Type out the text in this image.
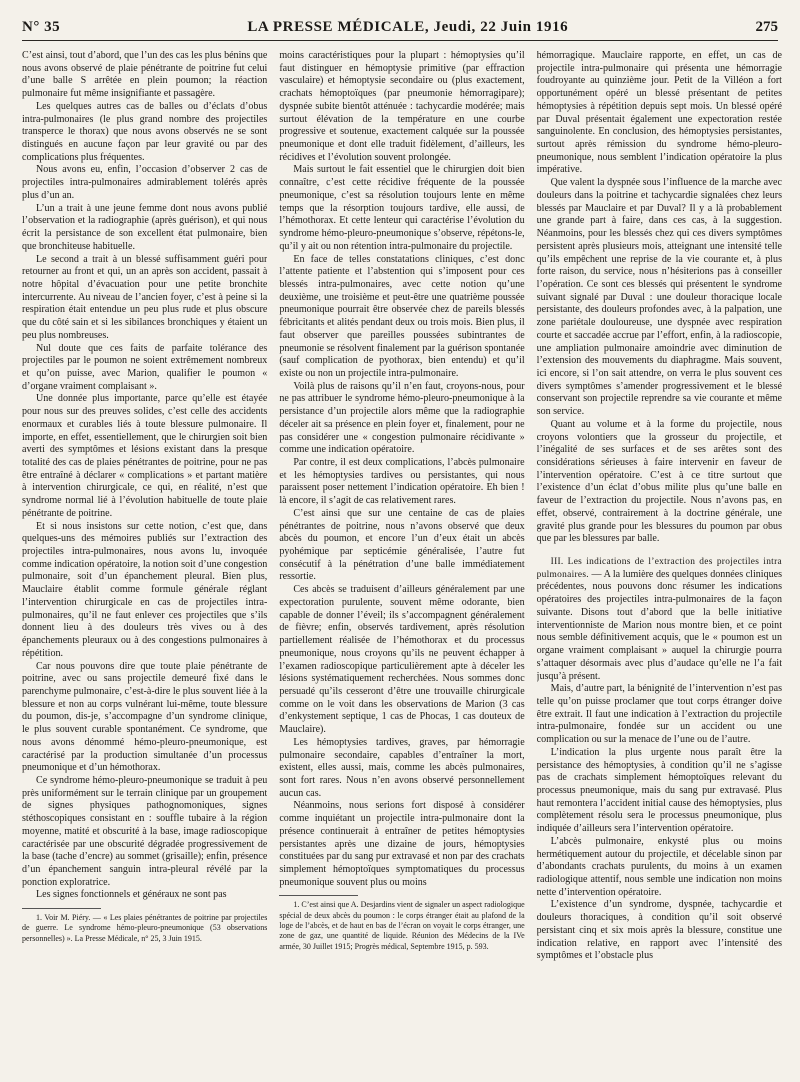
N° 35	LA PRESSE MÉDICALE, Jeudi, 22 Juin 1916	275

C’est ainsi, tout d’abord, que l’un des cas les plus bénins que nous avons observé de plaie pénétrante de poitrine fut celui d’une balle S arrêtée en plein poumon; la réaction pulmonaire fut même insignifiante et passagère.

Les quelques autres cas de balles ou d’éclats d’obus intra-pulmonaires (le plus grand nombre des projectiles transperce le thorax) que nous avons observés ne se sont distingués en aucune façon par leur gravité ou par des complications plus fréquentes.

Nous avons eu, enfin, l’occasion d’observer 2 cas de projectiles intra-pulmonaires admirablement tolérés après plus d’un an.

L’un a trait à une jeune femme dont nous avons publié l’observation et la radiographie (après guérison), et qui nous écrit la persistance de son excellent état pulmonaire, bien que bronchiteuse habituelle.

Le second a trait à un blessé suffisamment guéri pour retourner au front et qui, un an après son accident, passait à notre hôpital d’évacuation pour une petite bronchite intercurrente. Au niveau de l’ancien foyer, c’est à peine si la respiration était entendue un peu plus rude et plus obscure que du côté sain et si les sibilances bronchiques y étaient un peu plus nombreuses.

Nul doute que ces faits de parfaite tolérance des projectiles par le poumon ne soient extrêmement nombreux et qu’on puisse, avec Marion, qualifier le poumon « d’organe vraiment complaisant ».

Une donnée plus importante, parce qu’elle est étayée pour nous sur des preuves solides, c’est celle des accidents enormaux et curables liés à toute blessure pulmonaire. Il importe, en effet, essentiellement, que le chirurgien soit bien averti des symptômes et lésions existant dans la presque totalité des cas de plaies pénétrantes de poitrine, pour ne pas être entraîné à déclarer « complications » et partant matière à intervention chirurgicale, ce qui, en réalité, n’est que syndrome normal lié à l’évolution habituelle de toute plaie pénétrante de poitrine.

Et si nous insistons sur cette notion, c’est que, dans quelques-uns des mémoires publiés sur l’extraction des projectiles intra-pulmonaires, nous avons lu, invoquée comme indication opératoire, la notion soit d’une congestion pulmonaire, soit d’un épanchement pleural. Bien plus, Mauclaire établit comme formule générale réglant l’intervention chirurgicale en cas de projectiles intra-pulmonaires, qu’il ne faut enlever ces projectiles que s’ils donnent lieu à des douleurs très vives ou à des épanchements pleuraux ou à des congestions pulmonaires à répétition.

Car nous pouvons dire que toute plaie pénétrante de poitrine, avec ou sans projectile demeuré fixé dans le parenchyme pulmonaire, c’est-à-dire le plus souvent liée à la blessure et non au corps vulnérant lui-même, toute blessure du poumon, dis-je, s’accompagne d’un syndrome clinique, le plus souvent curable spontanément. Ce syndrome, que nous avons dénommé hémo-pleuro-pneumonique, est caractérisé par la production simultanée d’un processus pneumonique et d’un hémothorax.

Ce syndrome hémo-pleuro-pneumonique se traduit à peu près uniformément sur le terrain clinique par un groupement de signes physiques pathognomoniques, signes stéthoscopiques consistant en : souffle tubaire à la région moyenne, matité et obscurité à la base, image radioscopique caractérisée par une obscurité dégradée progressivement de la base (tache d’encre) au sommet (grisaille); enfin, présence d’un épanchement sanguin intra-pleural révélé par la ponction exploratrice.

Les signes fonctionnels et généraux ne sont pas

1. Voir M. Piéry. — « Les plaies pénétrantes de poitrine par projectiles de guerre. Le syndrome hémo-pleuro-pneumonique (53 observations personnelles) ». La Presse Médicale, n° 25, 3 Juin 1915.

moins caractéristiques pour la plupart : hémoptysies qu’il faut distinguer en hémoptysie primitive (par effraction vasculaire) et hémoptysie secondaire ou (plus exactement, crachats hémoptoïques (par pneumonie hémorragipare); dyspnée subite bientôt atténuée : tachycardie modérée; mais surtout élévation de la température en une courbe progressive et soutenue, exactement calquée sur la poussée pneumonique et dont elle traduit fidèlement, d’ailleurs, les récidives et l’évolution souvent prolongée.

Mais surtout le fait essentiel que le chirurgien doit bien connaître, c’est cette récidive fréquente de la poussée pneumonique, c’est sa résolution toujours lente en même temps que la résorption toujours tardive, elle aussi, de l’hémothorax. Et cette lenteur qui caractérise l’évolution du syndrome hémo-pleuro-pneumonique s’observe, répétons-le, qu’il y ait ou non rétention intra-pulmonaire du projectile.

En face de telles constatations cliniques, c’est donc l’attente patiente et l’abstention qui s’imposent pour ces blessés intra-pulmonaires, avec cette notion qu’une deuxième, une troisième et peut-être une quatrième poussée pneumonique pourrait être observée chez de pareils blessés fébricitants et alités pendant deux ou trois mois. Bien plus, il faut observer que pareilles poussées subintrantes de pneumonie se résolvent finalement par la guérison spontanée (sauf complication de pyothorax, bien entendu) et qu’il existe ou non un projectile intra-pulmonaire.

Voilà plus de raisons qu’il n’en faut, croyons-nous, pour ne pas attribuer le syndrome hémo-pleuro-pneumonique à la persistance d’un projectile alors même que la radiographie déceler ait sa présence en plein foyer et, finalement, pour ne pas considérer une « congestion pulmonaire récidivante » comme une indication opératoire.

Par contre, il est deux complications, l’abcès pulmonaire et les hémoptysies tardives ou persistantes, qui nous paraissent poser nettement l’indication opératoire. Eh bien ! là encore, il s’agit de cas relativement rares.

C’est ainsi que sur une centaine de cas de plaies pénétrantes de poitrine, nous n’avons observé que deux abcès du poumon, et encore l’un d’eux était un abcès pyohémique par septicémie généralisée, l’autre fut consécutif à la pénétration d’une balle immédiatement ressortie.

Ces abcès se traduisent d’ailleurs généralement par une expectoration purulente, souvent même odorante, bien capable de donner l’éveil; ils s’accompagnent généralement de fièvre; enfin, observés tardivement, après résolution partiellement réalisée de l’hémothorax et du processus pneumonique, nous croyons qu’ils ne peuvent échapper à l’examen radioscopique particulièrement apte à déceler les lésions systématiquement recherchées. Nous sommes donc persuadé qu’ils cesseront d’être une trouvaille chirurgicale comme on le voit dans les observations de Marion (3 cas d’enkystement septique, 1 cas de Phocas, 1 cas douteux de Mauclaire).

Les hémoptysies tardives, graves, par hémorragie pulmonaire secondaire, capables d’entraîner la mort, existent, elles aussi, mais, comme les abcès pulmonaires, sont fort rares. Nous n’en avons observé personnellement aucun cas.

Néanmoins, nous serions fort disposé à considérer comme inquiétant un projectile intra-pulmonaire dont la présence continuerait à entraîner de petites hémoptysies persistantes après une dizaine de jours, hémoptysies constituées par du sang pur extravasé et non par des crachats simplement hémoptoïques symptomatiques du processus pneumonique souvent plus ou moins

1. C’est ainsi que A. Desjardins vient de signaler un aspect radiologique spécial de deux abcès du poumon : le corps étranger était au plafond de la loge de l’abcès, et de haut en bas de l’écran on voyait le corps étranger, une zone de gaz, une quantité de liquide. Réunion des Médecins de la IVe armée, 30 Juillet 1915; Progrès médical, Septembre 1915, p. 593.

hémorragique. Mauclaire rapporte, en effet, un cas de projectile intra-pulmonaire qui présenta une hémorragie foudroyante au quinzième jour. Petit de la Villéon a fort opportunément opéré un blessé présentant de petites hémoptysies à répétition depuis sept mois. Un blessé opéré par Duval présentait également une expectoration restée sanguinolente. En conclusion, des hémoptysies persistantes, surtout après rémission du syndrome hémo-pleuro-pneumonique, nous semblent l’indication opératoire la plus impérative.

Que valent la dyspnée sous l’influence de la marche avec douleurs dans la poitrine et tachycardie signalées chez leurs blessés par Mauclaire et par Duval? Il y a là probablement une grande part à faire, dans ces cas, à la suggestion. Néanmoins, pour les blessés chez qui ces divers symptômes persistent après plusieurs mois, atteignant une intensité telle qu’ils empêchent une reprise de la vie courante et, à plus forte raison, du service, nous n’hésiterions pas à conseiller l’opération. Ce sont ces blessés qui présentent le syndrome suivant signalé par Duval : une douleur thoracique locale persistante, des douleurs profondes avec, à la palpation, une zone pariétale douloureuse, une dyspnée avec respiration courte et saccadée accrue par l’effort, enfin, à la radioscopie, une ampliation pulmonaire amoindrie avec diminution de l’extension des mouvements du diaphragme. Mais souvent, ici encore, si l’on sait attendre, on verra le plus souvent ces divers symptômes s’amender progressivement et le blessé conservant son projectile reprendre sa vie courante et même son service.

Quant au volume et à la forme du projectile, nous croyons volontiers que la grosseur du projectile, et l’inégalité de ses surfaces et de ses arêtes sont des considérations sérieuses à faire intervenir en faveur de l’intervention opératoire. C’est à ce titre surtout que l’existence d’un éclat d’obus milite plus qu’une balle en faveur de l’extraction du projectile. Nous n’avons pas, en effet, observé, contrairement à la doctrine générale, une gravité plus grande pour les blessures du poumon par obus que par les blessures par balle.

III. Les indications de l’extraction des projectiles intra pulmonaires. — A la lumière des quelques données cliniques précédentes, nous pouvons donc résumer les indications opératoires des projectiles intra-pulmonaires de la façon suivante. Disons tout d’abord que la belle initiative interventionniste de Marion nous montre bien, et ce point nous semble définitivement acquis, que le « poumon est un organe vraiment complaisant » auquel la chirurgie pourra s’attaquer désormais avec plus d’audace qu’elle ne l’a fait jusqu’à présent.

Mais, d’autre part, la bénignité de l’intervention n’est pas telle qu’on puisse proclamer que tout corps étranger doive être extrait. Il faut une indication à l’extraction du projectile intra-pulmonaire, fondée sur un accident ou une complication ou sur la menace de l’une ou de l’autre.

L’indication la plus urgente nous paraît être la persistance des hémoptysies, à condition qu’il ne s’agisse pas de crachats simplement hémoptoïques relevant du processus pneumonique, mais du sang pur extravasé. Plus haut remontera l’accident initial cause des hémoptysies, plus complètement résolu sera le processus pneumonique, plus indiquée d’ailleurs sera l’intervention opératoire.

L’abcès pulmonaire, enkysté plus ou moins hermétiquement autour du projectile, et décelable sinon par d’abondants crachats purulents, du moins à un examen radiologique attentif, nous semble une indication non moins nette d’intervention opératoire.

L’existence d’un syndrome, dyspnée, tachycardie et douleurs thoraciques, à condition qu’il soit observé persistant cinq et six mois après la blessure, constitue une indication relative, en rapport avec l’intensité des symptômes et l’obstacle plus
